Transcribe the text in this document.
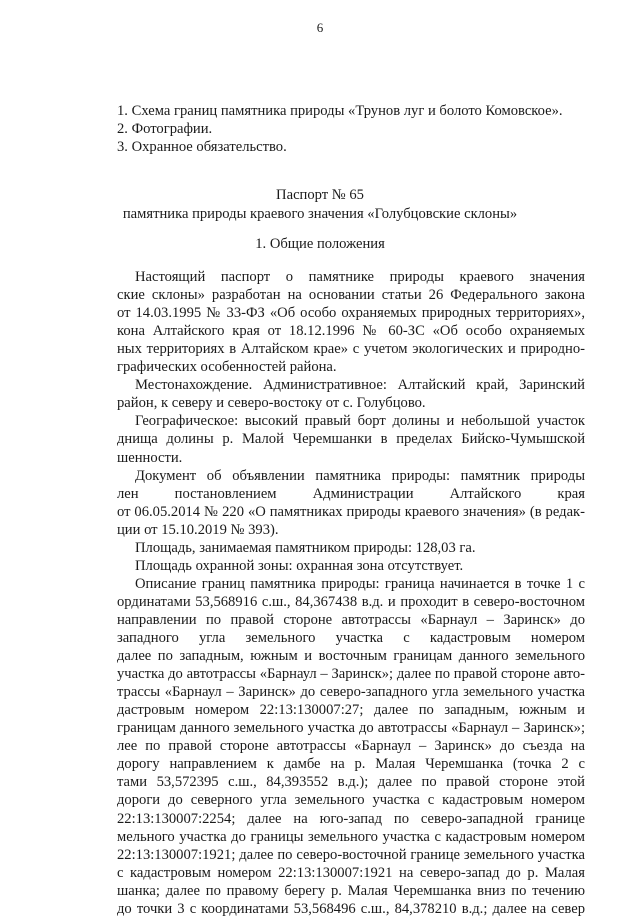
6
1. Схема границ памятника природы «Трунов луг и болото Комовское».
2. Фотографии.
3. Охранное обязательство.
Паспорт № 65
памятника природы краевого значения «Голубцовские склоны»
1. Общие положения
Настоящий паспорт о памятнике природы краевого значения
ские склоны» разработан на основании статьи 26 Федерального закона
от 14.03.1995 № 33-ФЗ «Об особо охраняемых природных территориях»,
кона Алтайского края от 18.12.1996 № 60-ЗС «Об особо охраняемых
ных территориях в Алтайском крае» с учетом экологических и природно-
графических особенностей района.
Местонахождение. Административное: Алтайский край, Заринский
район, к северу и северо-востоку от с. Голубцово.
Географическое: высокий правый борт долины и небольшой участок
днища долины р. Малой Черемшанки в пределах Бийско-Чумышской
шенности.
Документ об объявлении памятника природы: памятник природы
лен постановлением Администрации Алтайского края
от 06.05.2014 № 220 «О памятниках природы краевого значения» (в редак-
ции от 15.10.2019 № 393).
Площадь, занимаемая памятником природы: 128,03 га.
Площадь охранной зоны: охранная зона отсутствует.
Описание границ памятника природы: граница начинается в точке 1 с
ординатами 53,568916 с.ш., 84,367438 в.д. и проходит в северо-восточном
направлении по правой стороне автотрассы «Барнаул – Заринск» до
западного угла земельного участка с кадастровым номером
далее по западным, южным и восточным границам данного земельного
участка до автотрассы «Барнаул – Заринск»; далее по правой стороне авто-
трассы «Барнаул – Заринск» до северо-западного угла земельного участка
дастровым номером 22:13:130007:27; далее по западным, южным и
границам данного земельного участка до автотрассы «Барнаул – Заринск»;
лее по правой стороне автотрассы «Барнаул – Заринск» до съезда на
дорогу направлением к дамбе на р. Малая Черемшанка (точка 2 с
тами 53,572395 с.ш., 84,393552 в.д.); далее по правой стороне этой
дороги до северного угла земельного участка с кадастровым номером
22:13:130007:2254; далее на юго-запад по северо-западной границе
мельного участка до границы земельного участка с кадастровым номером
22:13:130007:1921; далее по северо-восточной границе земельного участка
с кадастровым номером 22:13:130007:1921 на северо-запад до р. Малая
шанка; далее по правому берегу р. Малая Черемшанка вниз по течению
до точки 3 с координатами 53,568496 с.ш., 84,378210 в.д.; далее на север
